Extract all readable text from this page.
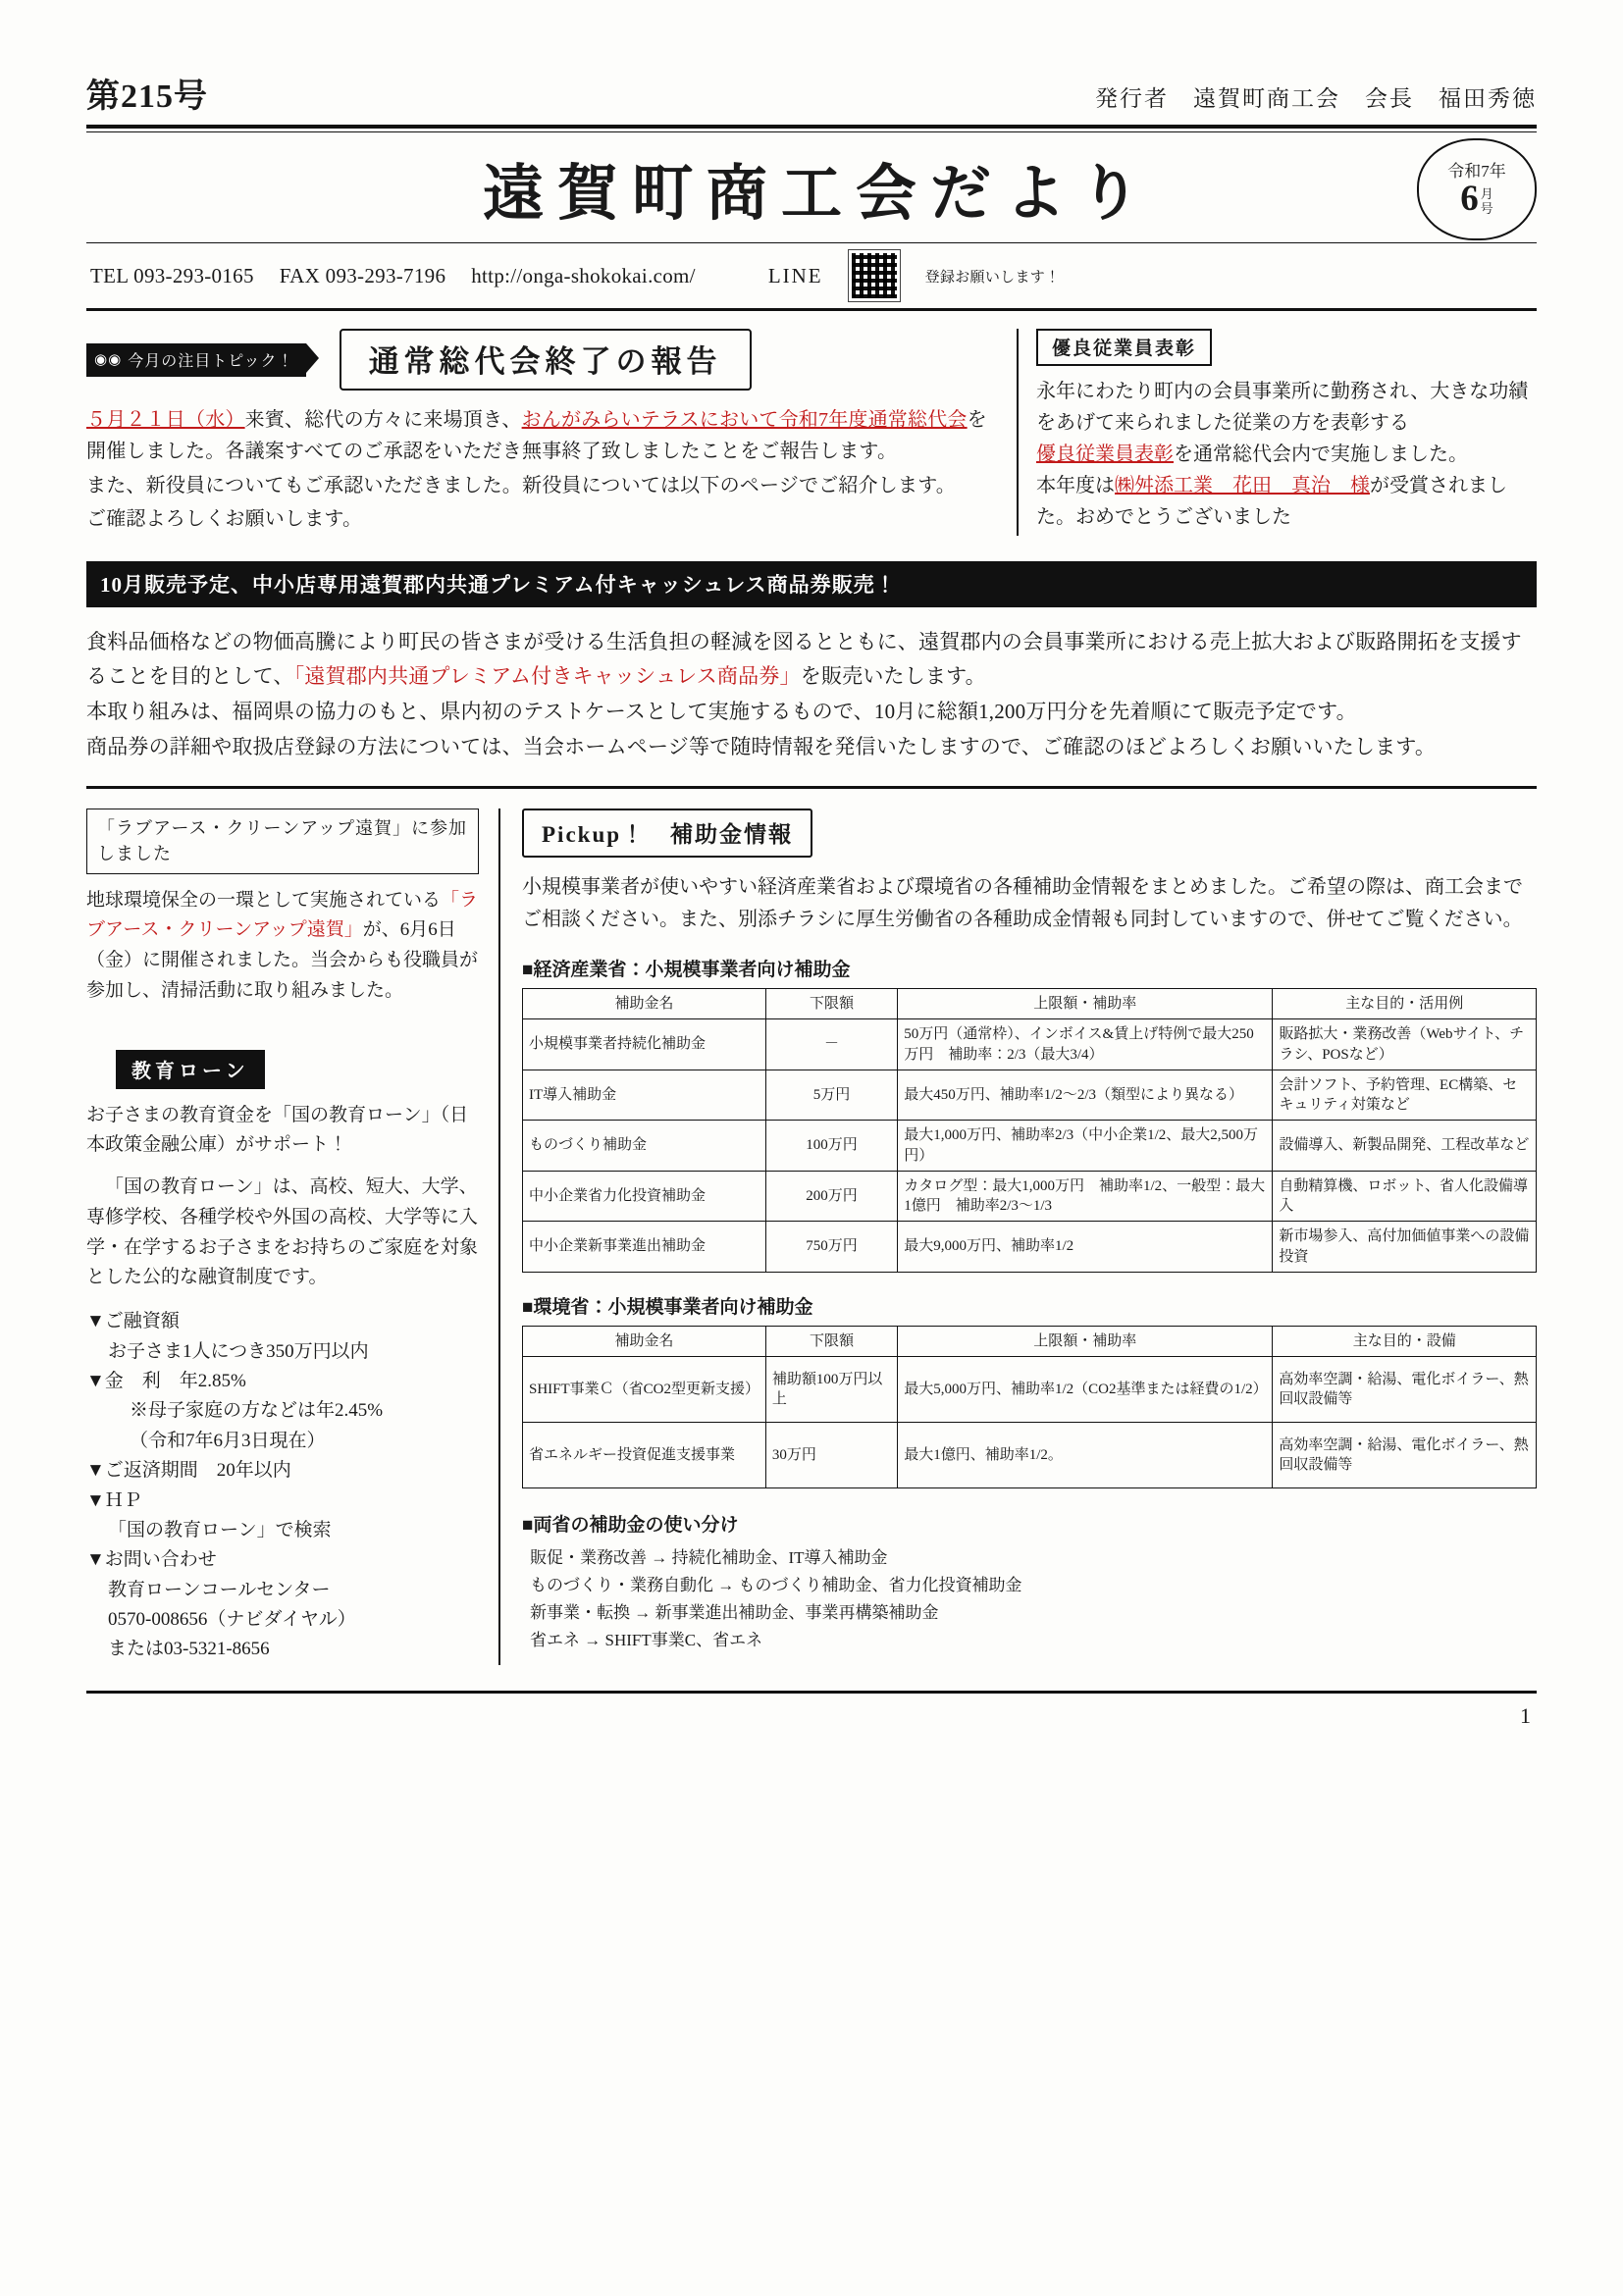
第215号	発行者　遠賀町商工会　会長　福田秀徳
遠賀町商工会だより	令和7年
6 月
号
TEL 093-293-0165 FAX 093-293-7196 http://onga-shokokai.com/	LINE	登録お願いします！
◉◉ 今月の注目トピック！	通常総代会終了の報告
５月２１日（水）来賓、総代の方々に来場頂き、おんがみらいテラスにおいて令和7年度通常総代会を開催しました。各議案すべてのご承認をいただき無事終了致しましたことをご報告します。
また、新役員についてもご承認いただきました。新役員については以下のページでご紹介します。
ご確認よろしくお願いします。
優良従業員表彰
永年にわたり町内の会員事業所に勤務され、大きな功績をあげて来られました従業の方を表彰する
優良従業員表彰を通常総代会内で実施しました。
本年度は㈱舛添工業　花田　真治　様が受賞されました。おめでとうございました
10月販売予定、中小店専用遠賀郡内共通プレミアム付キャッシュレス商品券販売！
食料品価格などの物価高騰により町民の皆さまが受ける生活負担の軽減を図るとともに、遠賀郡内の会員事業所における売上拡大および販路開拓を支援することを目的として、「遠賀郡内共通プレミアム付きキャッシュレス商品券」を販売いたします。
本取り組みは、福岡県の協力のもと、県内初のテストケースとして実施するもので、10月に総額1,200万円分を先着順にて販売予定です。
商品券の詳細や取扱店登録の方法については、当会ホームページ等で随時情報を発信いたしますので、ご確認のほどよろしくお願いいたします。
「ラブアース・クリーンアップ遠賀」に参加しました
地球環境保全の一環として実施されている「ラブアース・クリーンアップ遠賀」が、6月6日（金）に開催されました。当会からも役職員が参加し、清掃活動に取り組みました。
教育ローン
お子さまの教育資金を「国の教育ローン」（日本政策金融公庫）がサポート！
「国の教育ローン」は、高校、短大、大学、専修学校、各種学校や外国の高校、大学等に入学・在学するお子さまをお持ちのご家庭を対象とした公的な融資制度です。
▼ご融資額
お子さま1人につき350万円以内
▼金　利　年2.85%
※母子家庭の方などは年2.45%
（令和7年6月3日現在）
▼ご返済期間　20年以内
▼ＨＰ
「国の教育ローン」で検索
▼お問い合わせ
教育ローンコールセンター
0570-008656（ナビダイヤル）
または03-5321-8656
Pickup！　補助金情報
小規模事業者が使いやすい経済産業省および環境省の各種補助金情報をまとめました。ご希望の際は、商工会までご相談ください。また、別添チラシに厚生労働省の各種助成金情報も同封していますので、併せてご覧ください。
■経済産業省：小規模事業者向け補助金
補助金名	下限額	上限額・補助率	主な目的・活用例
小規模事業者持続化補助金	－	50万円（通常枠）、インボイス&賃上げ特例で最大250万円　補助率：2/3（最大3/4）	販路拡大・業務改善（Webサイト、チラシ、POSなど）
IT導入補助金	5万円	最大450万円、補助率1/2～2/3（類型により異なる）	会計ソフト、予約管理、EC構築、セキュリティ対策など
ものづくり補助金	100万円	最大1,000万円、補助率2/3（中小企業1/2、最大2,500万円）	設備導入、新製品開発、工程改革など
中小企業省力化投資補助金	200万円	カタログ型：最大1,000万円　補助率1/2、一般型：最大1億円　補助率2/3～1/3	自動精算機、ロボット、省人化設備導入
中小企業新事業進出補助金	750万円	最大9,000万円、補助率1/2	新市場参入、高付加価値事業への設備投資
■環境省：小規模事業者向け補助金
補助金名	下限額	上限額・補助率	主な目的・設備
SHIFT事業Ｃ（省CO2型更新支援）	補助額100万円以上	最大5,000万円、補助率1/2（CO2基準または経費の1/2）	高効率空調・給湯、電化ボイラー、熱回収設備等
省エネルギー投資促進支援事業	30万円	最大1億円、補助率1/2。	高効率空調・給湯、電化ボイラー、熱回収設備等
■両省の補助金の使い分け
販促・業務改善 → 持続化補助金、IT導入補助金
ものづくり・業務自動化 → ものづくり補助金、省力化投資補助金
新事業・転換 → 新事業進出補助金、事業再構築補助金
省エネ → SHIFT事業C、省エネ
1
